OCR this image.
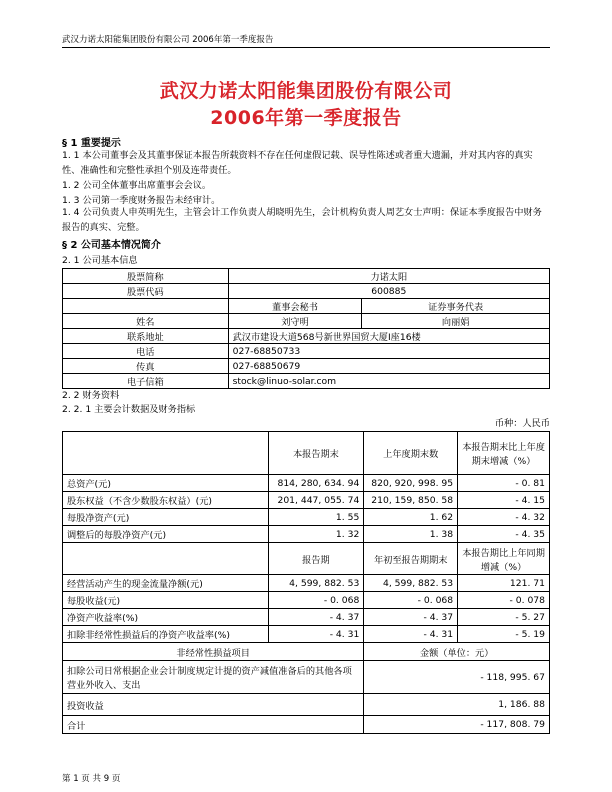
武汉力诺太阳能集团股份有限公司 2006年第一季度报告
武汉力诺太阳能集团股份有限公司
2006年第一季度报告
§ 1 重要提示
1. 1 本公司董事会及其董事保证本报告所载资料不存在任何虚假记载、误导性陈述或者重大遗漏，并对其内容的真实性、准确性和完整性承担个别及连带责任。
1. 2 公司全体董事出席董事会会议。
1. 3 公司第一季度财务报告未经审计。
1. 4 公司负责人申英明先生，主管会计工作负责人胡晓明先生，会计机构负责人周艺女士声明：保证本季度报告中财务报告的真实、完整。
§ 2 公司基本情况简介
2. 1 公司基本信息
股票简称	力诺太阳	
股票代码	600885	
	董事会秘书	证券事务代表
姓名	刘守明	向丽娟
联系地址	武汉市建设大道568号新世界国贸大厦Ⅰ座16楼	
电话	027-68850733	
传真	027-68850679	
电子信箱	stock@linuo-solar.com	
2. 2 财务资料
2. 2. 1 主要会计数据及财务指标
币种：人民币
	本报告期末	上年度期末数	本报告期末比上年度期末增减（%）
总资产(元)	814, 280, 634. 94	820, 920, 998. 95	- 0. 81
股东权益（不含少数股东权益）(元)	201, 447, 055. 74	210, 159, 850. 58	- 4. 15
每股净资产(元)	1. 55	1. 62	- 4. 32
调整后的每股净资产(元)	1. 32	1. 38	- 4. 35
	报告期	年初至报告期期末	本报告期比上年同期增减（%）
经营活动产生的现金流量净额(元)	4, 599, 882. 53	4, 599, 882. 53	121. 71
每股收益(元)	- 0. 068	- 0. 068	- 0. 078
净资产收益率(%)	- 4. 37	- 4. 37	- 5. 27
扣除非经常性损益后的净资产收益率(%)	- 4. 31	- 4. 31	- 5. 19
非经常性损益项目		金额（单位：元）	
扣除公司日常根据企业会计制度规定计提的资产减值准备后的其他各项营业外收入、支出		- 118, 995. 67	
投资收益		1, 186. 88	
合计		- 117, 808. 79	
第 1 页 共 9 页
